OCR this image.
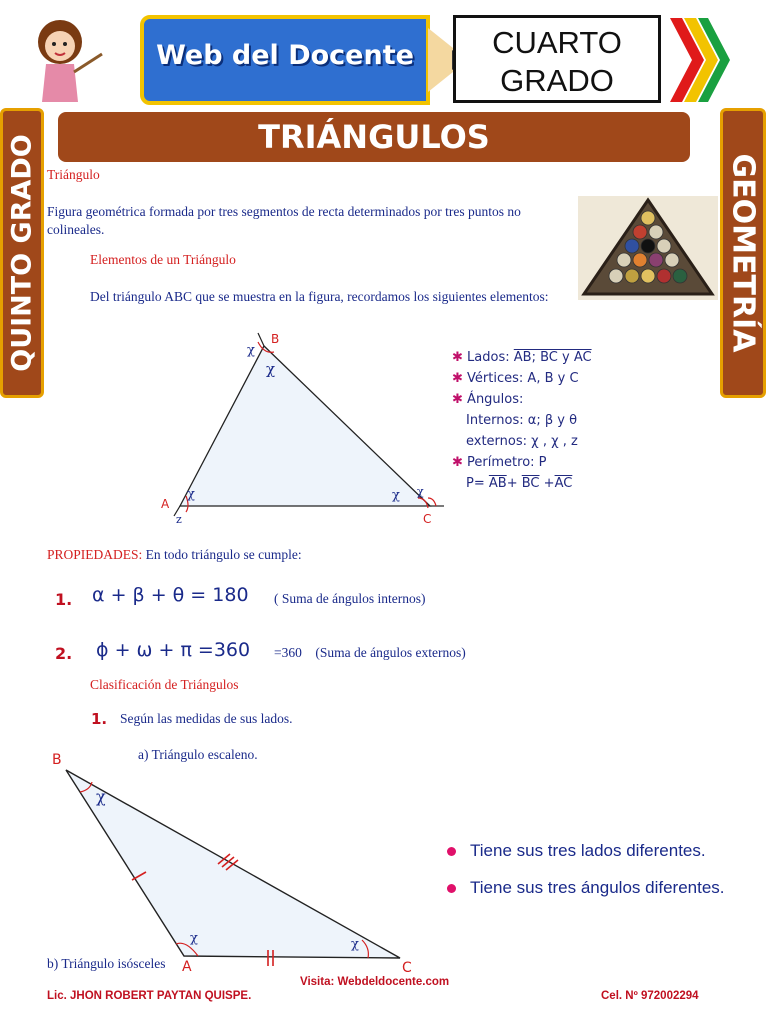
Web del Docente	CUARTO
GRADO
TRIÁNGULOS
QUINTO GRADO	GEOMETRÍA
Triángulo
Figura geométrica formada por tres segmentos de recta determinados por tres puntos no colineales.
Elementos de un Triángulo
Del triángulo ABC que se muestra en la figura, recordamos los siguientes elementos:
B
A
C
χ
χ
χ
z
χ χ
✱ Lados: AB; BC y AC
✱ Vértices: A, B y C
✱ Ángulos:
Internos: α; β y θ
externos: χ , χ , z
✱ Perímetro: P
$P= \overline{AB}+ \overline{BC} +\overline{AC}$
PROPIEDADES: En todo triángulo se cumple:
1. α + β + θ = 180 ( Suma de ángulos internos)
2. ϕ + ω + π =360 =360    (Suma de ángulos externos)
Clasificación de Triángulos
1. Según las medidas de sus lados.
a) Triángulo escaleno.
B
A	C
χ
χ	χ
Tiene sus tres lados diferentes.
Tiene sus tres ángulos diferentes.
b) Triángulo isósceles
Visita: Webdeldocente.com
Lic. JHON ROBERT PAYTAN QUISPE.	Cel. Nº 972002294
